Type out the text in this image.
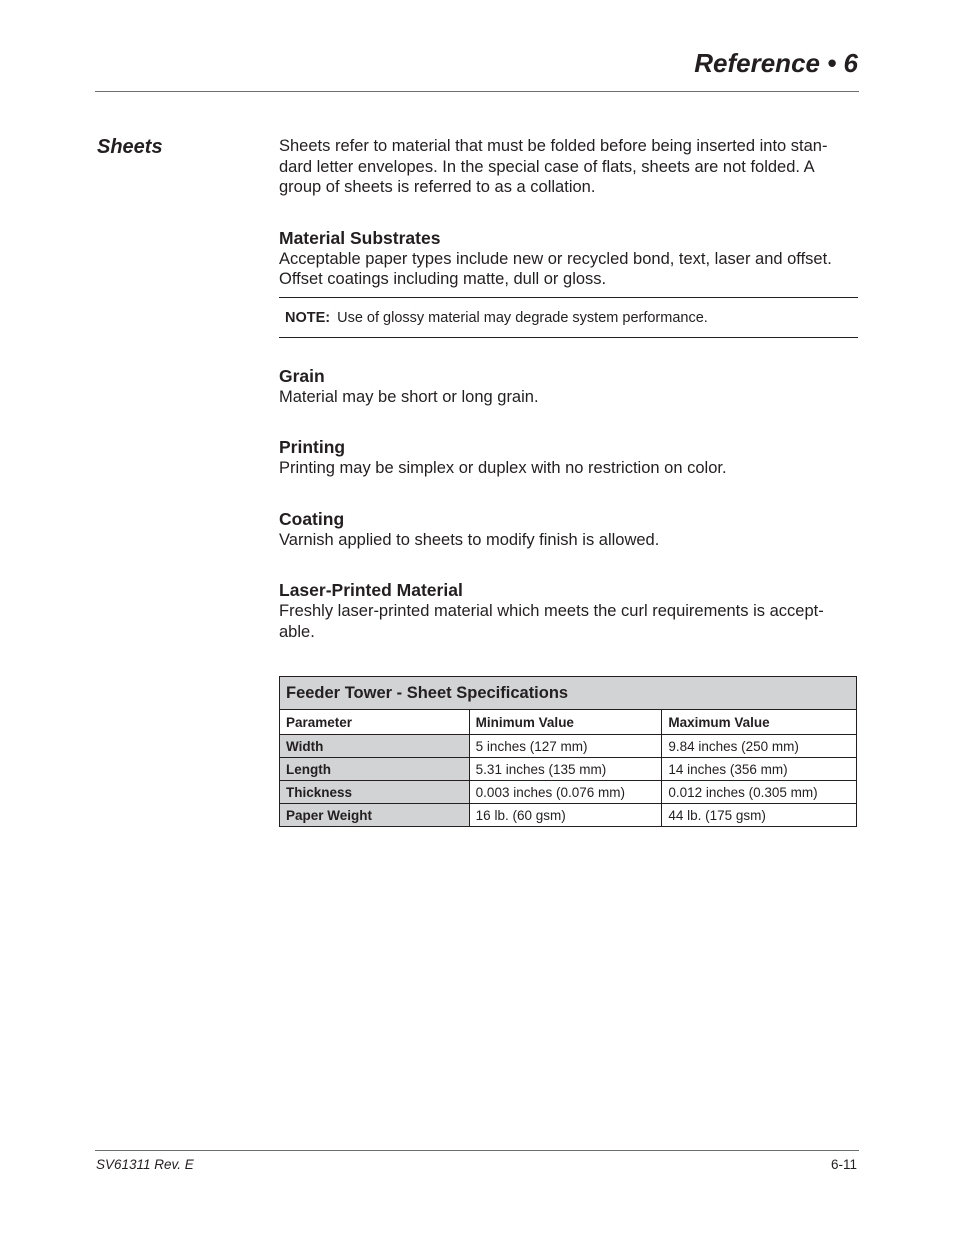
Reference • 6
Sheets	Sheets refer to material that must be folded before being inserted into stan-
dard letter envelopes. In the special case of flats, sheets are not folded. A
group of sheets is referred to as a collation.

Material Substrates

Acceptable paper types include new or recycled bond, text, laser and offset.
Offset coatings including matte, dull or gloss.

NOTE: Use of glossy material may degrade system performance.
Grain

Material may be short or long grain.

Printing

Printing may be simplex or duplex with no restriction on color.

Coating

Varnish applied to sheets to modify finish is allowed.

Laser-Printed Material

Freshly laser-printed material which meets the curl requirements is accept-
able.

Feeder Tower - Sheet Specifications		
Parameter	Minimum Value	Maximum Value
Width	5 inches (127 mm)	9.84 inches (250 mm)
Length	5.31 inches (135 mm)	14 inches (356 mm)
Thickness	0.003 inches (0.076 mm)	0.012 inches (0.305 mm)
Paper Weight	16 lb. (60 gsm)	44 lb. (175 gsm)
SV61311 Rev. E	6-11
